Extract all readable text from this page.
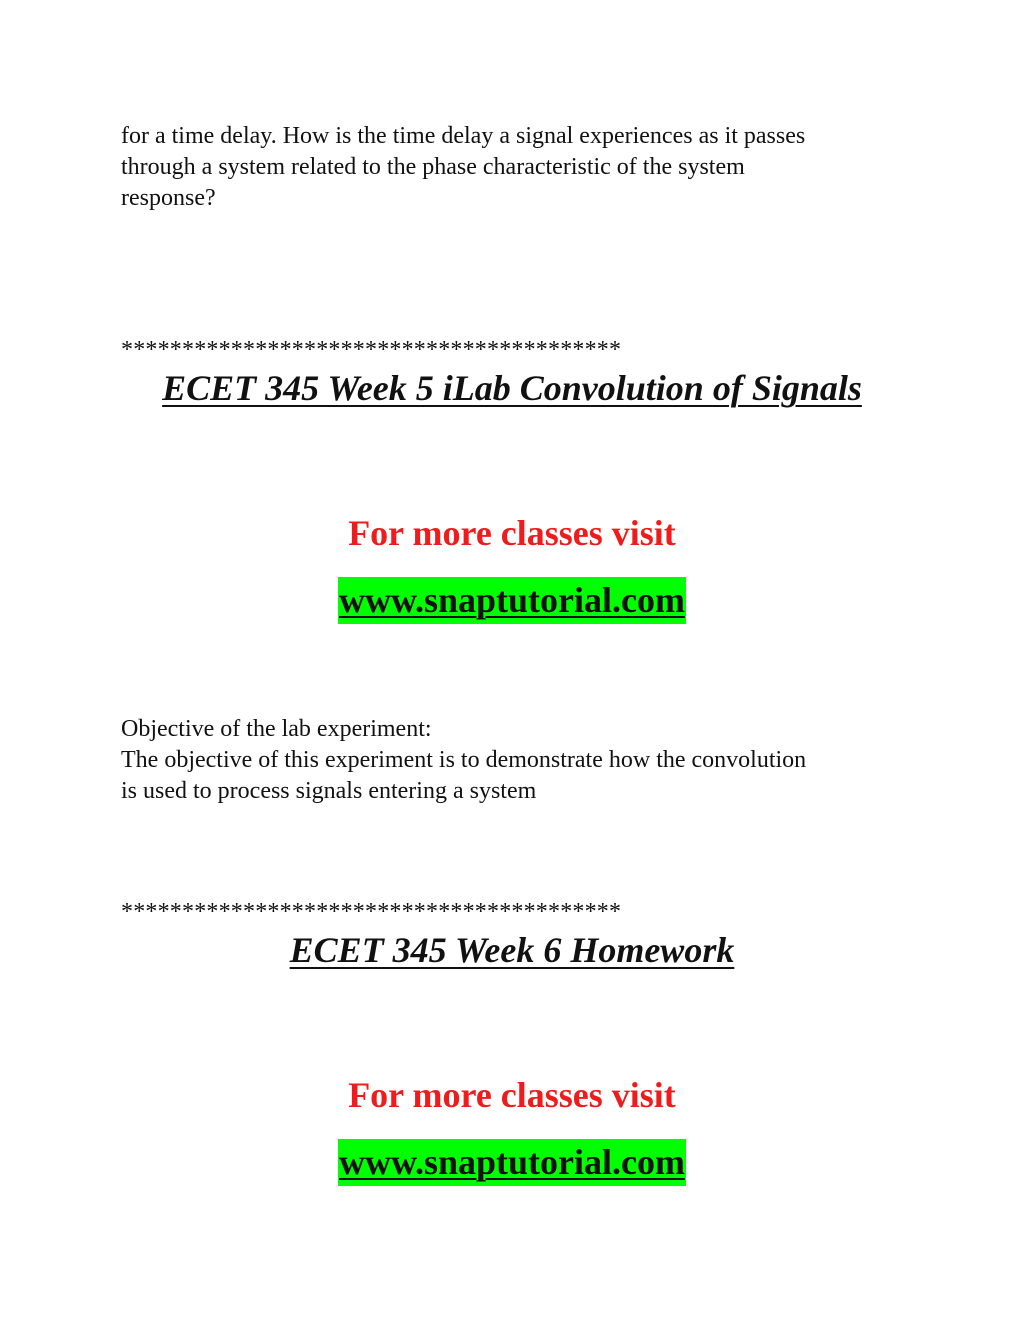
for a time delay. How is the time delay a signal experiences as it passes
through a system related to the phase characteristic of the system
response?

*****************************************

ECET 345 Week 5 iLab Convolution of Signals

For more classes visit

www.snaptutorial.com

Objective of the lab experiment:
The objective of this experiment is to demonstrate how the convolution
is used to process signals entering a system

*****************************************

ECET 345 Week 6 Homework

For more classes visit

www.snaptutorial.com
